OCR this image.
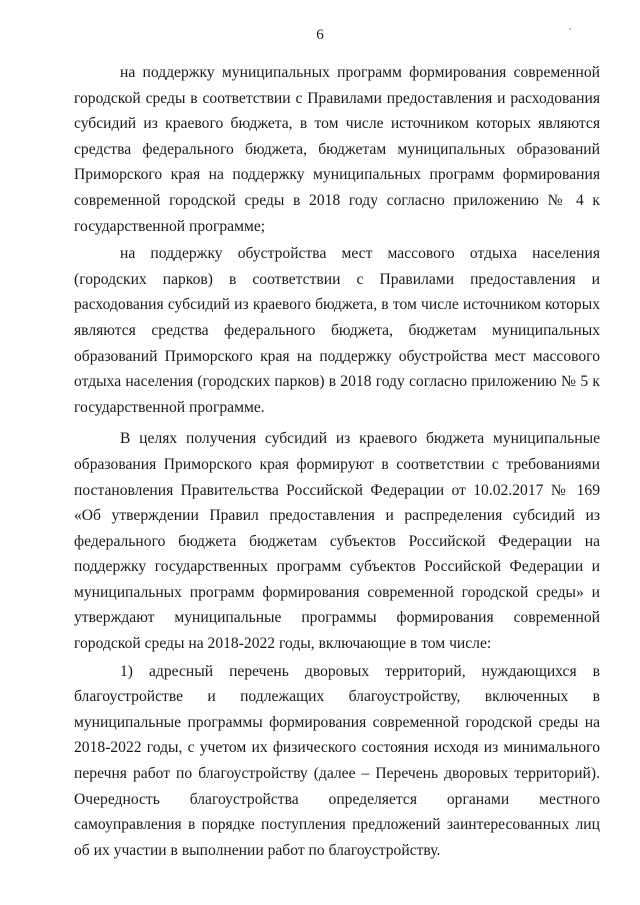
6

на поддержку муниципальных программ формирования современной городской среды в соответствии с Правилами предоставления и расходования субсидий из краевого бюджета, в том числе источником которых являются средства федерального бюджета, бюджетам муниципальных образований Приморского края на поддержку муниципальных программ формирования современной городской среды в 2018 году согласно приложению № 4 к государственной программе;

на поддержку обустройства мест массового отдыха населения (городских парков) в соответствии с Правилами предоставления и расходования субсидий из краевого бюджета, в том числе источником которых являются средства федерального бюджета, бюджетам муниципальных образований Приморского края на поддержку обустройства мест массового отдыха населения (городских парков) в 2018 году согласно приложению № 5 к государственной программе.

В целях получения субсидий из краевого бюджета муниципальные образования Приморского края формируют в соответствии с требованиями постановления Правительства Российской Федерации от 10.02.2017 № 169 «Об утверждении Правил предоставления и распределения субсидий из федерального бюджета бюджетам субъектов Российской Федерации на поддержку государственных программ субъектов Российской Федерации и муниципальных программ формирования современной городской среды» и утверждают муниципальные программы формирования современной городской среды на 2018-2022 годы, включающие в том числе:

1) адресный перечень дворовых территорий, нуждающихся в благоустройстве и подлежащих благоустройству, включенных в муниципальные программы формирования современной городской среды на 2018-2022 годы, с учетом их физического состояния исходя из минимального перечня работ по благоустройству (далее – Перечень дворовых территорий). Очередность благоустройства определяется органами местного самоуправления в порядке поступления предложений заинтересованных лиц об их участии в выполнении работ по благоустройству.
